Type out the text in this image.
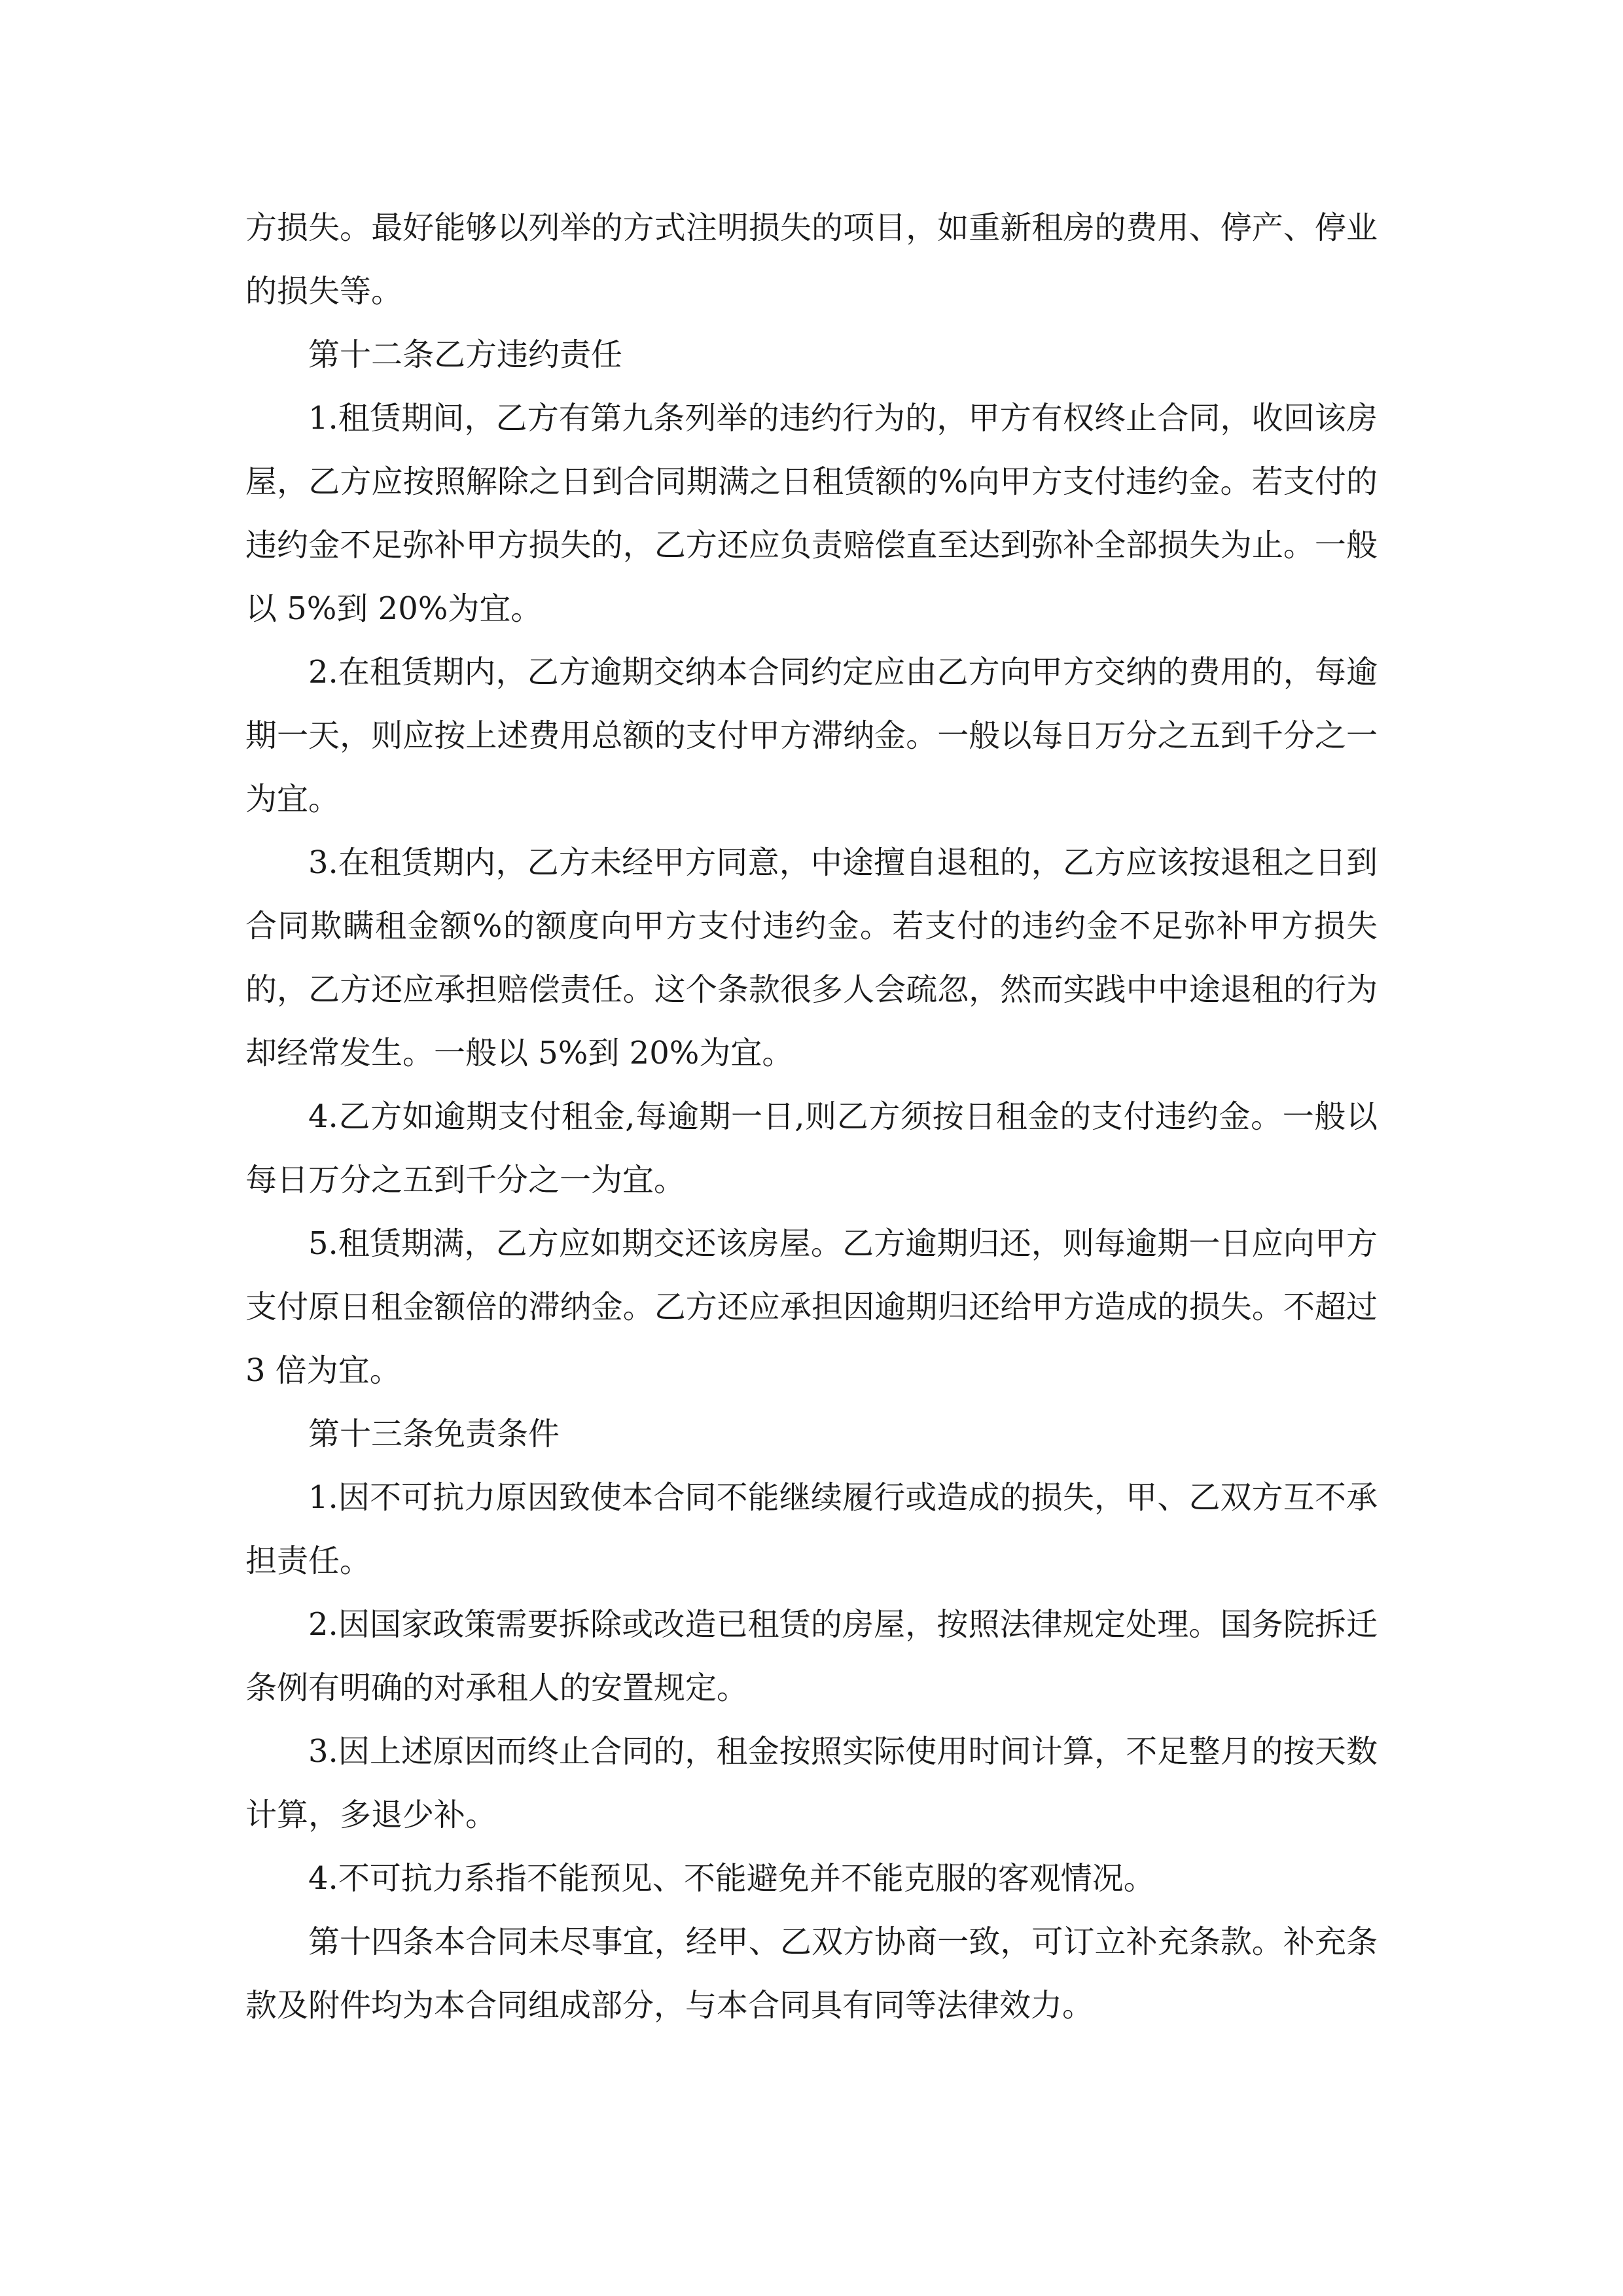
方损失。最好能够以列举的方式注明损失的项目，如重新租房的费用、停产、停业的损失等。

第十二条乙方违约责任

1.租赁期间，乙方有第九条列举的违约行为的，甲方有权终止合同，收回该房屋，乙方应按照解除之日到合同期满之日租赁额的%向甲方支付违约金。若支付的违约金不足弥补甲方损失的，乙方还应负责赔偿直至达到弥补全部损失为止。一般以 5%到 20%为宜。

2.在租赁期内，乙方逾期交纳本合同约定应由乙方向甲方交纳的费用的，每逾期一天，则应按上述费用总额的支付甲方滞纳金。一般以每日万分之五到千分之一为宜。

3.在租赁期内，乙方未经甲方同意，中途擅自退租的，乙方应该按退租之日到合同欺瞒租金额%的额度向甲方支付违约金。若支付的违约金不足弥补甲方损失的，乙方还应承担赔偿责任。这个条款很多人会疏忽，然而实践中中途退租的行为却经常发生。一般以 5%到 20%为宜。

4.乙方如逾期支付租金,每逾期一日,则乙方须按日租金的支付违约金。一般以每日万分之五到千分之一为宜。

5.租赁期满，乙方应如期交还该房屋。乙方逾期归还，则每逾期一日应向甲方支付原日租金额倍的滞纳金。乙方还应承担因逾期归还给甲方造成的损失。不超过 3 倍为宜。

第十三条免责条件

1.因不可抗力原因致使本合同不能继续履行或造成的损失，甲、乙双方互不承担责任。

2.因国家政策需要拆除或改造已租赁的房屋，按照法律规定处理。国务院拆迁条例有明确的对承租人的安置规定。

3.因上述原因而终止合同的，租金按照实际使用时间计算，不足整月的按天数计算，多退少补。

4.不可抗力系指不能预见、不能避免并不能克服的客观情况。

第十四条本合同未尽事宜，经甲、乙双方协商一致，可订立补充条款。补充条款及附件均为本合同组成部分，与本合同具有同等法律效力。
